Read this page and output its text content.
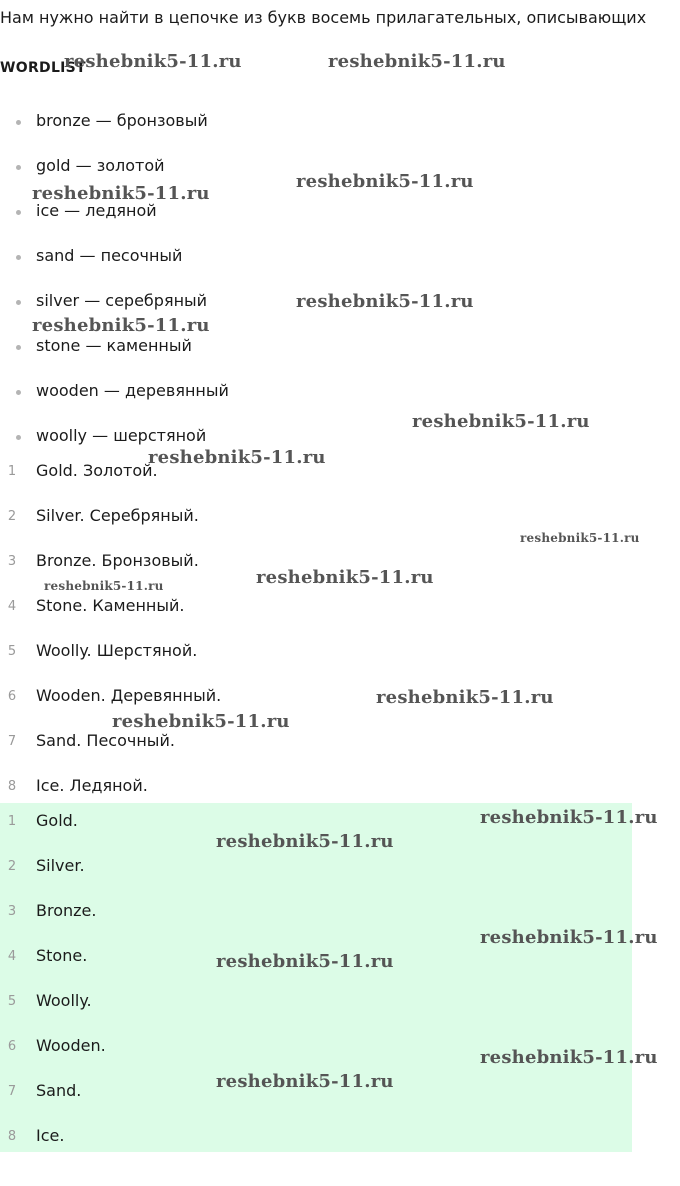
Нам нужно найти в цепочке из букв восемь прилагательных, описывающих
WORDLIST
bronze — бронзовый
gold — золотой
ice — ледяной
sand — песочный
silver — серебряный
stone — каменный
wooden — деревянный
woolly — шерстяной
1	Gold. Золотой.
2	Silver. Серебряный.
3	Bronze. Бронзовый.
4	Stone. Каменный.
5	Woolly. Шерстяной.
6	Wooden. Деревянный.
7	Sand. Песочный.
8	Ice. Ледяной.
1	Gold.
2	Silver.
3	Bronze.
4	Stone.
5	Woolly.
6	Wooden.
7	Sand.
8	Ice.
reshebnik5-11.ru	reshebnik5-11.ru
reshebnik5-11.ru
reshebnik5-11.ru
reshebnik5-11.ru
reshebnik5-11.ru
reshebnik5-11.ru
reshebnik5-11.ru
reshebnik5-11.ru
reshebnik5-11.ru
reshebnik5-11.ru
reshebnik5-11.ru
reshebnik5-11.ru
reshebnik5-11.ru
reshebnik5-11.ru
reshebnik5-11.ru
reshebnik5-11.ru
reshebnik5-11.ru
reshebnik5-11.ru
